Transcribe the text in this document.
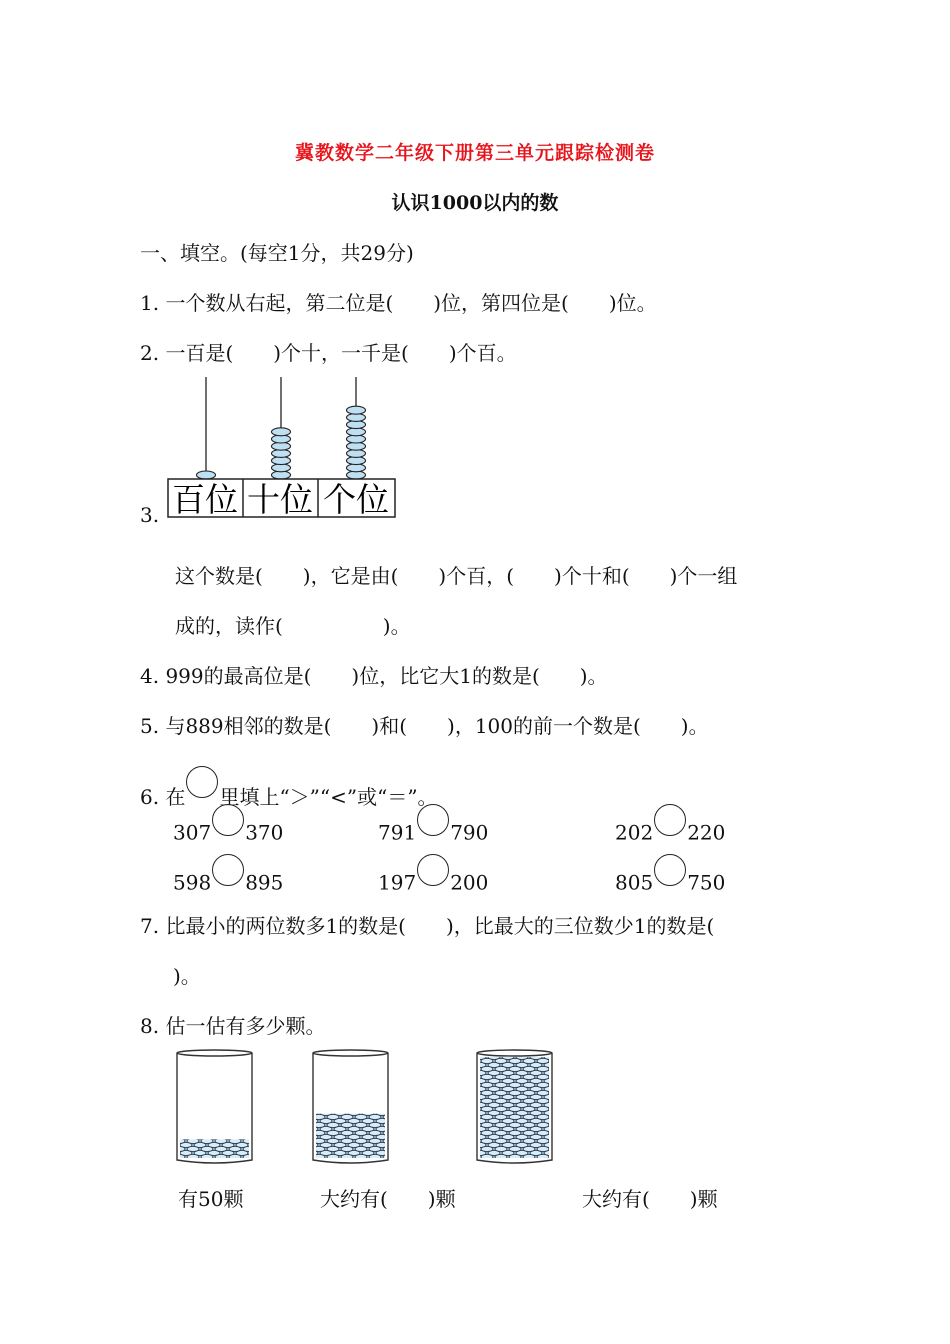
冀教数学二年级下册第三单元跟踪检测卷
认识1000以内的数
一、填空。(每空1分，共29分)
1. 一个数从右起，第二位是(　　)位，第四位是(　　)位。
2. 一百是(　　)个十，一千是(　　)个百。
百位 十位 个位
3.
这个数是(　　)，它是由(　　)个百，(　　)个十和(　　)个一组
成的，读作(　　　　　)。
4. 999的最高位是(　　)位，比它大1的数是(　　)。
5. 与889相邻的数是(　　)和(　　)，100的前一个数是(　　)。
6. 在 里填上“＞”“<”或“＝”。
307 370	791 790	202 220
598 895	197 200	805 750
7. 比最小的两位数多1的数是(　　)，比最大的三位数少1的数是(
)。
8. 估一估有多少颗。
有50颗	大约有(　　)颗	大约有(　　)颗
